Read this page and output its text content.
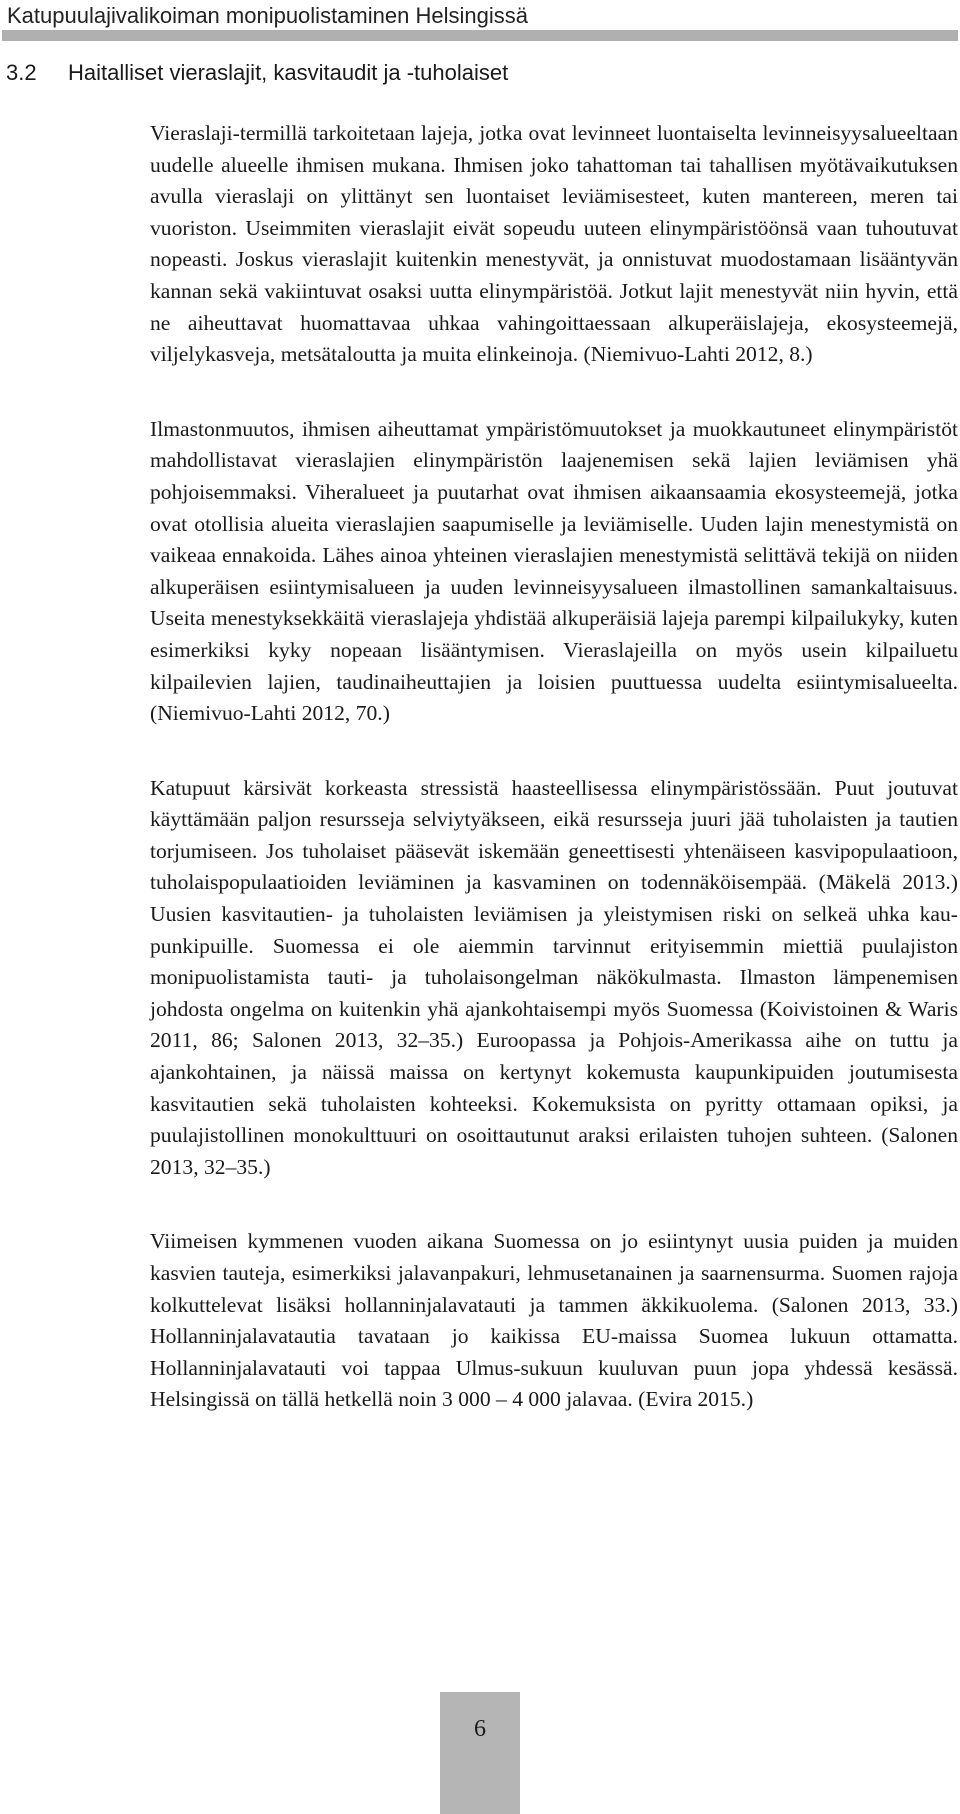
Katupuulajivalikoiman monipuolistaminen Helsingissä
3.2 Haitalliset vieraslajit, kasvitaudit ja -tuholaiset

Vieraslaji-termillä tarkoitetaan lajeja, jotka ovat levinneet luontaiselta levinneisyysalueeltaan uudelle alueelle ihmisen mukana. Ihmisen joko tahattoman tai tahallisen myötävaikutuksen avulla vieraslaji on ylittänyt sen luontaiset leviämisesteet, kuten mantereen, meren tai vuoriston. Useimmiten vieraslajit eivät sopeudu uuteen elinympäristöönsä vaan tuhoutuvat nopeasti. Joskus vieraslajit kuitenkin menestyvät, ja onnistuvat muodostamaan lisääntyvän kannan sekä vakiintuvat osaksi uutta elinympäristöä. Jotkut lajit menestyvät niin hyvin, että ne aiheuttavat huomattavaa uhkaa vahingoittaessaan alkuperäislajeja, ekosysteemejä, viljelykasveja, metsätaloutta ja muita elinkeinoja. (Niemivuo-Lahti 2012, 8.)

Ilmastonmuutos, ihmisen aiheuttamat ympäristömuutokset ja muokkautuneet elinympäristöt mahdollistavat vieraslajien elinympäristön laajenemisen sekä lajien leviämisen yhä pohjoisemmaksi. Viheralueet ja puutarhat ovat ihmisen aikaansaamia ekosysteemejä, jotka ovat otollisia alueita vieraslajien saapumiselle ja leviämiselle. Uuden lajin menestymistä on vaikeaa ennakoida. Lähes ainoa yhteinen vieraslajien menestymistä selittävä tekijä on niiden alkuperäisen esiintymisalueen ja uuden levinneisyysalueen ilmastollinen samankaltaisuus. Useita menestyksekkäitä vieraslajeja yhdistää alkuperäisiä lajeja parempi kilpailukyky, kuten esimerkiksi kyky nopeaan lisääntymisen. Vieraslajeilla on myös usein kilpailuetu kilpailevien lajien, taudinaiheuttajien ja loisien puuttuessa uudelta esiintymisalueelta. (Niemivuo-Lahti 2012, 70.)

Katupuut kärsivät korkeasta stressistä haasteellisessa elinympäristössään. Puut joutuvat käyttämään paljon resursseja selviytyäkseen, eikä resursseja juuri jää tuholaisten ja tautien torjumiseen. Jos tuholaiset pääsevät iskemään geneettisesti yhtenäiseen kasvipopulaatioon, tuholaispopulaatioiden leviäminen ja kasvaminen on todennäköisempää. (Mäkelä 2013.) Uusien kasvitautien- ja tuholaisten leviämisen ja yleistymisen riski on selkeä uhka kaupunkipuille. Suomessa ei ole aiemmin tarvinnut erityisemmin miettiä puulajiston monipuolistamista tauti- ja tuholaisongelman näkökulmasta. Ilmaston lämpenemisen johdosta ongelma on kuitenkin yhä ajankohtaisempi myös Suomessa (Koivistoinen & Waris 2011, 86; Salonen 2013, 32–35.) Euroopassa ja Pohjois-Amerikassa aihe on tuttu ja ajankohtainen, ja näissä maissa on kertynyt kokemusta kaupunkipuiden joutumisesta kasvitautien sekä tuholaisten kohteeksi. Kokemuksista on pyritty ottamaan opiksi, ja puulajistollinen monokulttuuri on osoittautunut araksi erilaisten tuhojen suhteen. (Salonen 2013, 32–35.)

Viimeisen kymmenen vuoden aikana Suomessa on jo esiintynyt uusia puiden ja muiden kasvien tauteja, esimerkiksi jalavanpakuri, lehmusetanainen ja saarnensurma. Suomen rajoja kolkuttelevat lisäksi hollanninjalavatauti ja tammen äkkikuolema. (Salonen 2013, 33.) Hollanninjalavatautia tavataan jo kaikissa EU-maissa Suomea lukuun ottamatta. Hollanninjalavatauti voi tappaa Ulmus-sukuun kuuluvan puun jopa yhdessä kesässä. Helsingissä on tällä hetkellä noin 3 000 – 4 000 jalavaa. (Evira 2015.)

6
